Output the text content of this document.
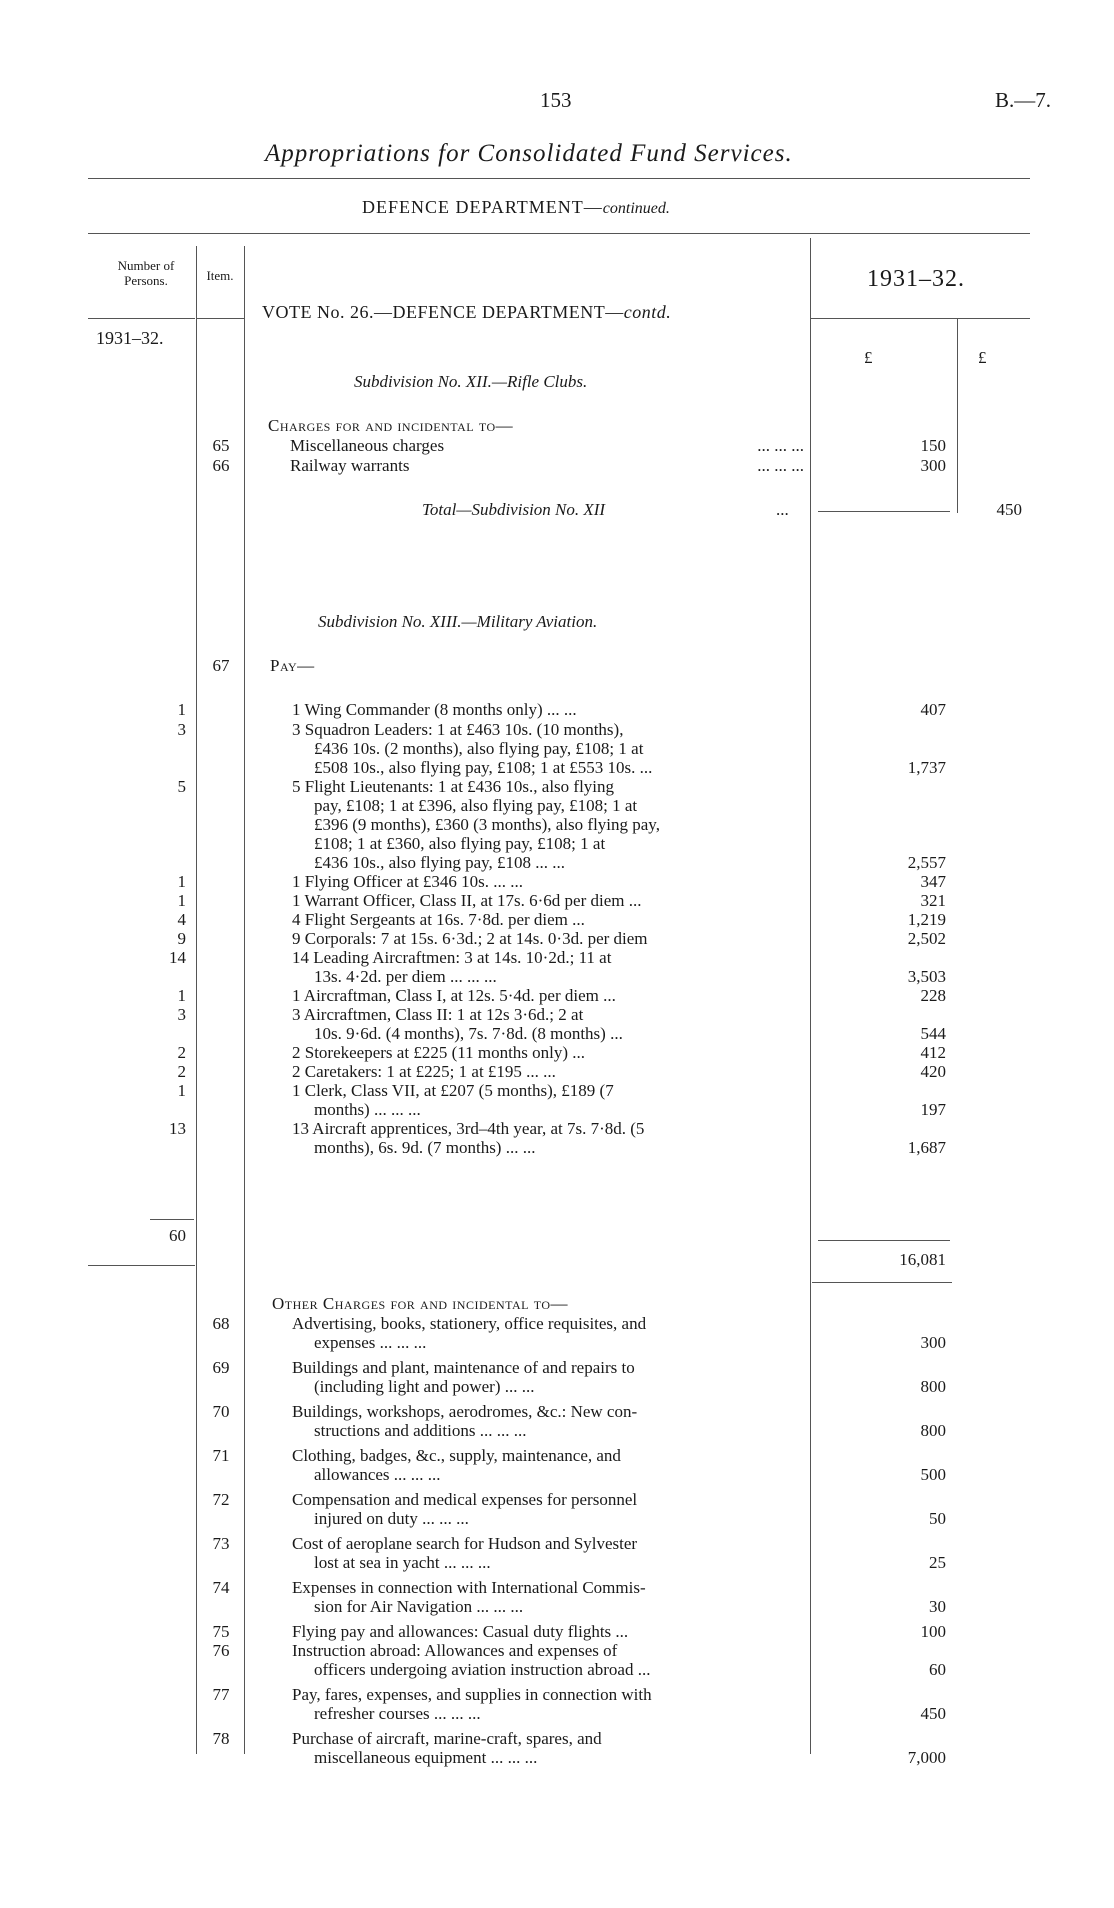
153	B.—7.
Appropriations for Consolidated Fund Services.
DEFENCE DEPARTMENT—continued.
Number of Persons.	Item.
VOTE No. 26.—DEFENCE DEPARTMENT—contd.
1931–32.
1931–32.
£	£
Subdivision No. XII.—Rifle Clubs.
Charges for and incidental to—
65	Miscellaneous charges	... ... ...	150
66	Railway warrants	... ... ...	300
Total—Subdivision No. XII	...	450
Subdivision No. XIII.—Military Aviation.
67	Pay—
1	1 Wing Commander (8 months only) ... ...	407
3	3 Squadron Leaders: 1 at £463 10s. (10 months),
£436 10s. (2 months), also flying pay, £108; 1 at
£508 10s., also flying pay, £108; 1 at £553 10s. ...	1,737
5	5 Flight Lieutenants: 1 at £436 10s., also flying
pay, £108; 1 at £396, also flying pay, £108; 1 at
£396 (9 months), £360 (3 months), also flying pay,
£108; 1 at £360, also flying pay, £108; 1 at
£436 10s., also flying pay, £108 ... ...	2,557
1	1 Flying Officer at £346 10s. ... ...	347
1	1 Warrant Officer, Class II, at 17s. 6·6d per diem ...	321
4	4 Flight Sergeants at 16s. 7·8d. per diem ...	1,219
9	9 Corporals: 7 at 15s. 6·3d.; 2 at 14s. 0·3d. per diem	2,502
14	14 Leading Aircraftmen: 3 at 14s. 10·2d.; 11 at
13s. 4·2d. per diem ... ... ...	3,503
1	1 Aircraftman, Class I, at 12s. 5·4d. per diem ...	228
3	3 Aircraftmen, Class II: 1 at 12s 3·6d.; 2 at
10s. 9·6d. (4 months), 7s. 7·8d. (8 months) ...	544
2	2 Storekeepers at £225 (11 months only) ...	412
2	2 Caretakers: 1 at £225; 1 at £195 ... ...	420
1	1 Clerk, Class VII, at £207 (5 months), £189 (7
months) ... ... ...	197
13	13 Aircraft apprentices, 3rd–4th year, at 7s. 7·8d. (5
months), 6s. 9d. (7 months) ... ...	1,687
60
16,081
Other Charges for and incidental to—
68	Advertising, books, stationery, office requisites, and
expenses ... ... ...	300
69	Buildings and plant, maintenance of and repairs to
(including light and power) ... ...	800
70	Buildings, workshops, aerodromes, &c.: New con-
structions and additions ... ... ...	800
71	Clothing, badges, &c., supply, maintenance, and
allowances ... ... ...	500
72	Compensation and medical expenses for personnel
injured on duty ... ... ...	50
73	Cost of aeroplane search for Hudson and Sylvester
lost at sea in yacht ... ... ...	25
74	Expenses in connection with International Commis-
sion for Air Navigation ... ... ...	30
75	Flying pay and allowances: Casual duty flights ...	100
76	Instruction abroad: Allowances and expenses of
officers undergoing aviation instruction abroad ...	60
77	Pay, fares, expenses, and supplies in connection with
refresher courses ... ... ...	450
78	Purchase of aircraft, marine-craft, spares, and
miscellaneous equipment ... ... ...	7,000
